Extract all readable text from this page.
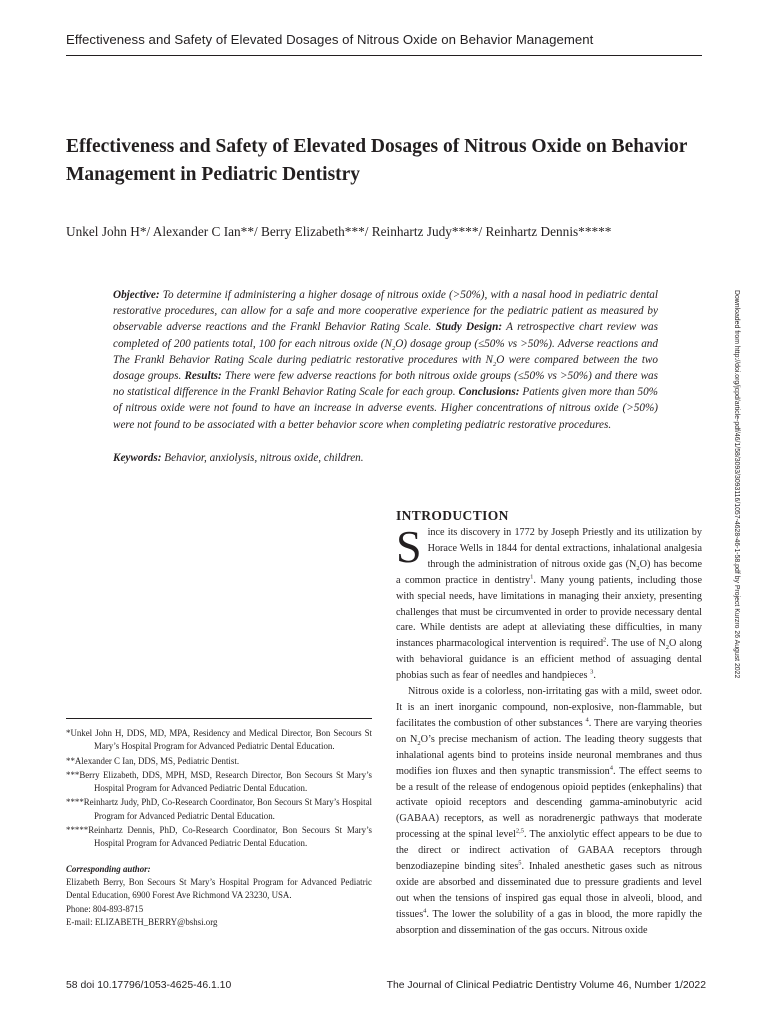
Effectiveness and Safety of Elevated Dosages of Nitrous Oxide on Behavior Management
Effectiveness and Safety of Elevated Dosages of Nitrous Oxide on Behavior Management in Pediatric Dentistry
Unkel John H*/ Alexander C Ian**/ Berry Elizabeth***/ Reinhartz Judy****/ Reinhartz Dennis*****

Objective: To determine if administering a higher dosage of nitrous oxide (>50%), with a nasal hood in pediatric dental restorative procedures, can allow for a safe and more cooperative experience for the pediatric patient as measured by observable adverse reactions and the Frankl Behavior Rating Scale. Study Design: A retrospective chart review was completed of 200 patients total, 100 for each nitrous oxide $(N_2O)$ dosage group (≤50% vs >50%). Adverse reactions and The Frankl Behavior Rating Scale during pediatric restorative procedures with $N_2O$ were compared between the two dosage groups. Results: There were few adverse reactions for both nitrous oxide groups (≤50% vs >50%) and there was no statistical difference in the Frankl Behavior Rating Scale for each group. Conclusions: Patients given more than 50% of nitrous oxide were not found to have an increase in adverse events. Higher concentrations of nitrous oxide (>50%) were not found to be associated with a better behavior score when completing pediatric restorative procedures.

Keywords: Behavior, anxiolysis, nitrous oxide, children.	Downloaded from http://doi.org/jcpd/article-pdf/46/1/58/3093/3093116/1057-4628-46-1-58.pdf by Project Kurzro 26 August 2022
INTRODUCTION

Since its discovery in 1772 by Joseph Priestly and its utilization by Horace Wells in 1844 for dental extractions, inhalational analgesia through the administration of nitrous oxide gas $(N_2O)$ has become a common practice in dentistry$^1$. Many young patients, including those with special needs, have limitations in managing their anxiety, presenting challenges that must be circumvented in order to provide necessary dental care. While dentists are adept at alleviating these difficulties, in many instances pharmacological intervention is required$^2$. The use of $N_2O$ along with behavioral guidance is an efficient method of assuaging dental phobias such as fear of needles and handpieces $^3$.

Nitrous oxide is a colorless, non-irritating gas with a mild, sweet odor. It is an inert inorganic compound, non-explosive, non-flammable, but facilitates the combustion of other substances $^4$. There are varying theories on $N_2O’s$ precise mechanism of action. The leading theory suggests that inhalational agents bind to proteins inside neuronal membranes and thus modifies ion fluxes and then synaptic transmission$^4$. The effect seems to be a result of the release of endogenous opioid peptides (enkephalins) that activate opioid receptors and descending gamma-aminobutyric acid (GABAA) receptors, as well as noradrenergic pathways that moderate processing at the spinal level$^{2,5}$. The anxiolytic effect appears to be due to the direct or indirect activation of GABAA receptors through benzodiazepine binding sites$^5$. Inhaled anesthetic gases such as nitrous oxide are absorbed and disseminated due to pressure gradients and level out when the tensions of inspired gas equal those in alveoli, blood, and tissues$^4$. The lower the solubility of a gas in blood, the more rapidly the absorption and dissemination of the gas occurs. Nitrous oxide

*Unkel John H, DDS, MD, MPA, Residency and Medical Director, Bon Secours St Mary’s Hospital Program for Advanced Pediatric Dental Education.

**Alexander C Ian, DDS, MS, Pediatric Dentist.

***Berry Elizabeth, DDS, MPH, MSD, Research Director, Bon Secours St Mary’s Hospital Program for Advanced Pediatric Dental Education.

****Reinhartz Judy, PhD, Co-Research Coordinator, Bon Secours St Mary’s Hospital Program for Advanced Pediatric Dental Education.

*****Reinhartz Dennis, PhD, Co-Research Coordinator, Bon Secours St Mary’s Hospital Program for Advanced Pediatric Dental Education.

Corresponding author:

Elizabeth Berry, Bon Secours St Mary’s Hospital Program for Advanced Pediatric Dental Education, 6900 Forest Ave Richmond VA 23230, USA.

Phone: 804-893-8715

E-mail: ELIZABETH_BERRY@bshsi.org

58 doi 10.17796/1053-4625-46.1.10	The Journal of Clinical Pediatric Dentistry Volume 46, Number 1/2022
